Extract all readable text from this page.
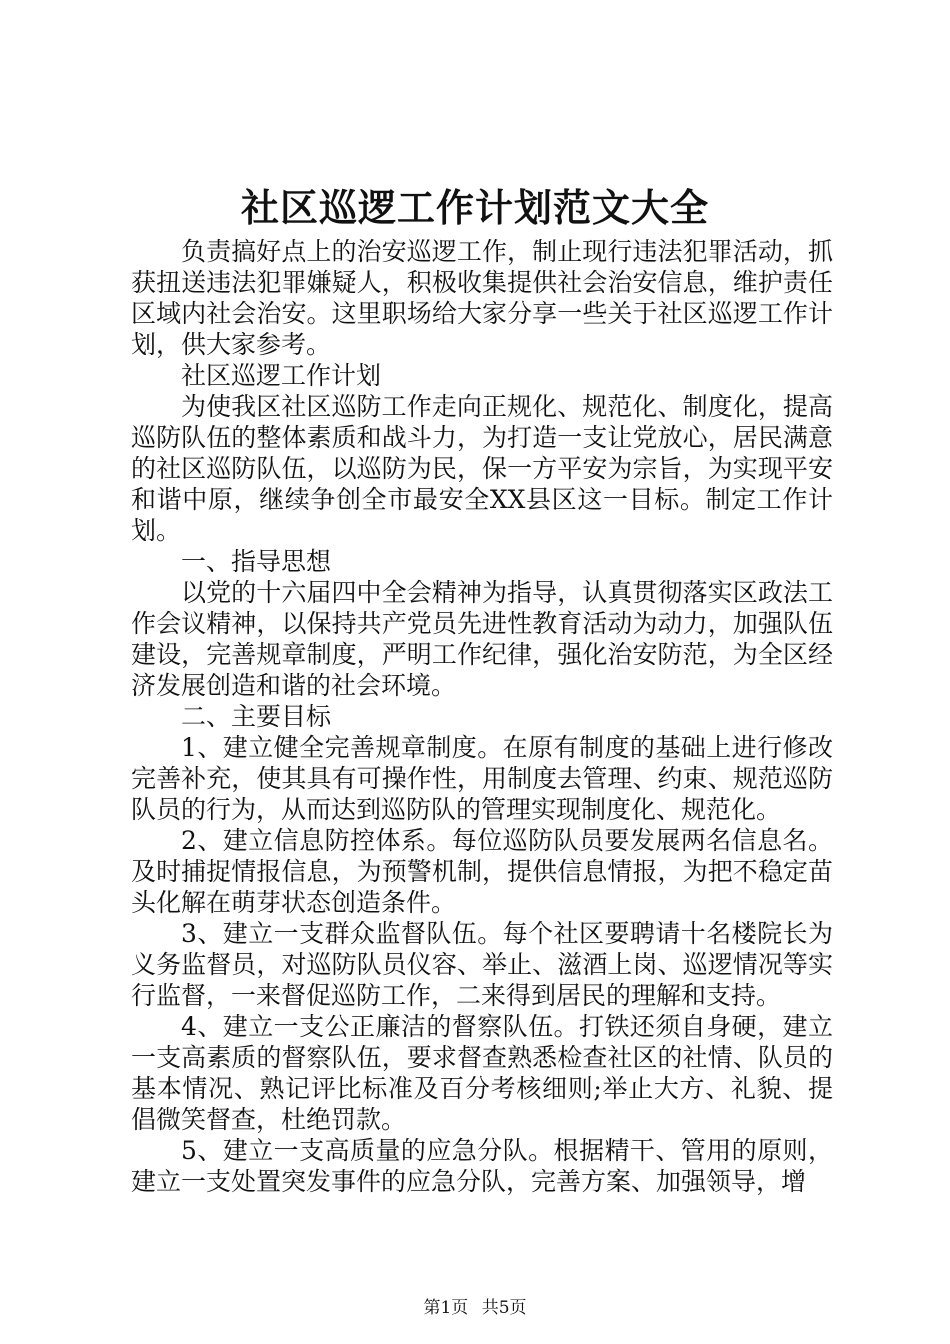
社区巡逻工作计划范文大全

负责搞好点上的治安巡逻工作，制止现行违法犯罪活动，抓获扭送违法犯罪嫌疑人，积极收集提供社会治安信息，维护责任区域内社会治安。这里职场给大家分享一些关于社区巡逻工作计划，供大家参考。

社区巡逻工作计划

为使我区社区巡防工作走向正规化、规范化、制度化，提高巡防队伍的整体素质和战斗力，为打造一支让党放心，居民满意的社区巡防队伍，以巡防为民，保一方平安为宗旨，为实现平安和谐中原，继续争创全市最安全XX县区这一目标。制定工作计划。

一、指导思想

以党的十六届四中全会精神为指导，认真贯彻落实区政法工作会议精神，以保持共产党员先进性教育活动为动力，加强队伍建设，完善规章制度，严明工作纪律，强化治安防范，为全区经济发展创造和谐的社会环境。

二、主要目标

1、建立健全完善规章制度。在原有制度的基础上进行修改完善补充，使其具有可操作性，用制度去管理、约束、规范巡防队员的行为，从而达到巡防队的管理实现制度化、规范化。

2、建立信息防控体系。每位巡防队员要发展两名信息名。及时捕捉情报信息，为预警机制，提供信息情报，为把不稳定苗头化解在萌芽状态创造条件。

3、建立一支群众监督队伍。每个社区要聘请十名楼院长为义务监督员，对巡防队员仪容、举止、滋酒上岗、巡逻情况等实行监督，一来督促巡防工作，二来得到居民的理解和支持。

4、建立一支公正廉洁的督察队伍。打铁还须自身硬，建立一支高素质的督察队伍，要求督查熟悉检查社区的社情、队员的基本情况、熟记评比标准及百分考核细则;举止大方、礼貌、提倡微笑督查，杜绝罚款。

5、建立一支高质量的应急分队。根据精干、管用的原则，建立一支处置突发事件的应急分队，完善方案、加强领导，增

第1页 共5页
